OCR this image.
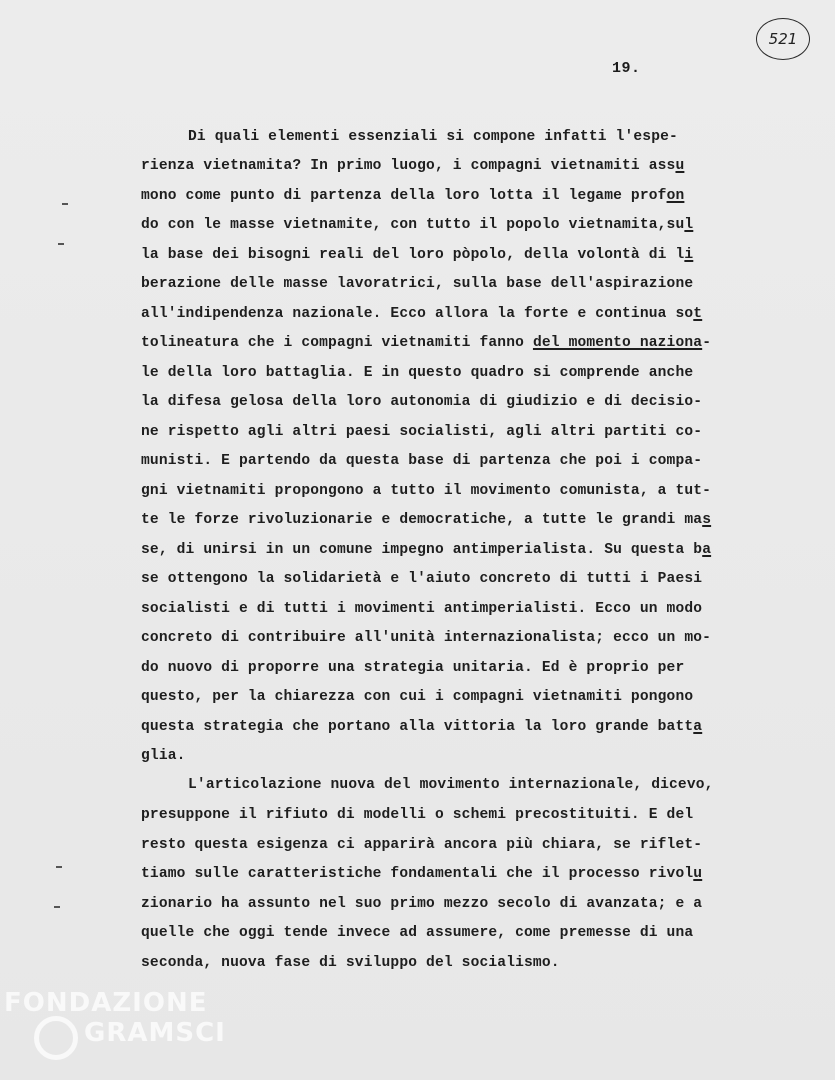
521
19.
Di quali elementi essenziali si compone infatti l'espe-
rienza vietnamita? In primo luogo, i compagni vietnamiti assu
mono come punto di partenza della loro lotta il legame profon
do con le masse vietnamite, con tutto il popolo vietnamita,sul
la base dei bisogni reali del loro pòpolo, della volontà di li
berazione delle masse lavoratrici, sulla base dell'aspirazione
all'indipendenza nazionale. Ecco allora la forte e continua sot
tolineatura che i compagni vietnamiti fanno del momento naziona-
le della loro battaglia. E in questo quadro si comprende anche
la difesa gelosa della loro autonomia di giudizio e di decisio-
ne rispetto agli altri paesi socialisti, agli altri partiti co-
munisti. E partendo da questa base di partenza che poi i compa-
gni vietnamiti propongono a tutto il movimento comunista, a tut-
te le forze rivoluzionarie e democratiche, a tutte le grandi mas
se, di unirsi in un comune impegno antimperialista. Su questa ba
se ottengono la solidarietà e l'aiuto concreto di tutti i Paesi
socialisti e di tutti i movimenti antimperialisti. Ecco un modo
concreto di contribuire all'unità internazionalista; ecco un mo-
do nuovo di proporre una strategia unitaria. Ed è proprio per
questo, per la chiarezza con cui i compagni vietnamiti pongono
questa strategia che portano alla vittoria la loro grande batta
glia.
L'articolazione nuova del movimento internazionale, dicevo,
presuppone il rifiuto di modelli o schemi precostituiti. E del
resto questa esigenza ci apparirà ancora più chiara, se riflet-
tiamo sulle caratteristiche fondamentali che il processo rivolu
zionario ha assunto nel suo primo mezzo secolo di avanzata; e a
quelle che oggi tende invece ad assumere, come premesse di una
seconda, nuova fase di sviluppo del socialismo.
FONDAZIONE
GRAMSCI
